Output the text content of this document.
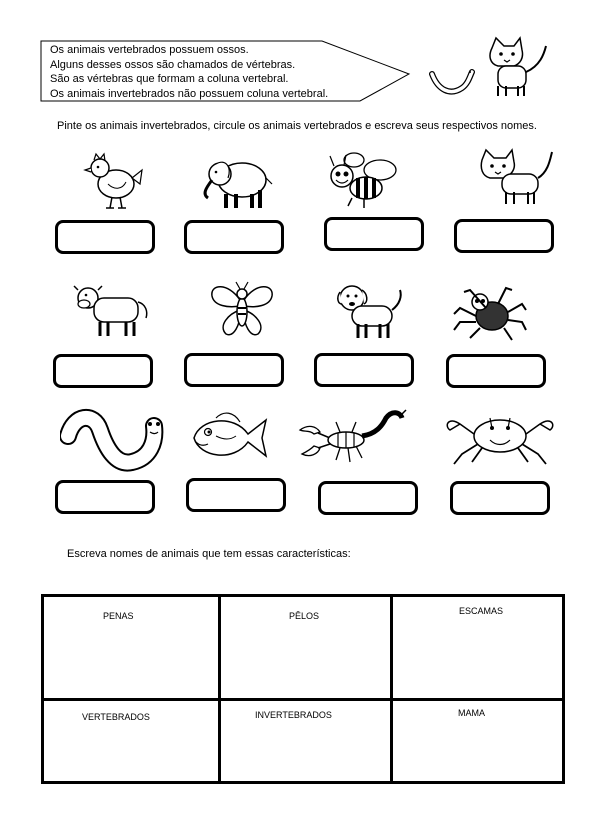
Os animais vertebrados possuem ossos.
Alguns desses ossos são chamados de vértebras.
São as vértebras que formam a coluna vertebral.
Os animais invertebrados não possuem coluna vertebral.
Pinte os animais invertebrados, circule os animais vertebrados e escreva seus respectivos nomes.
Escreva nomes de animais que tem essas características:
PENAS	PÊLOS	ESCAMAS
VERTEBRADOS	INVERTEBRADOS	MAMA
